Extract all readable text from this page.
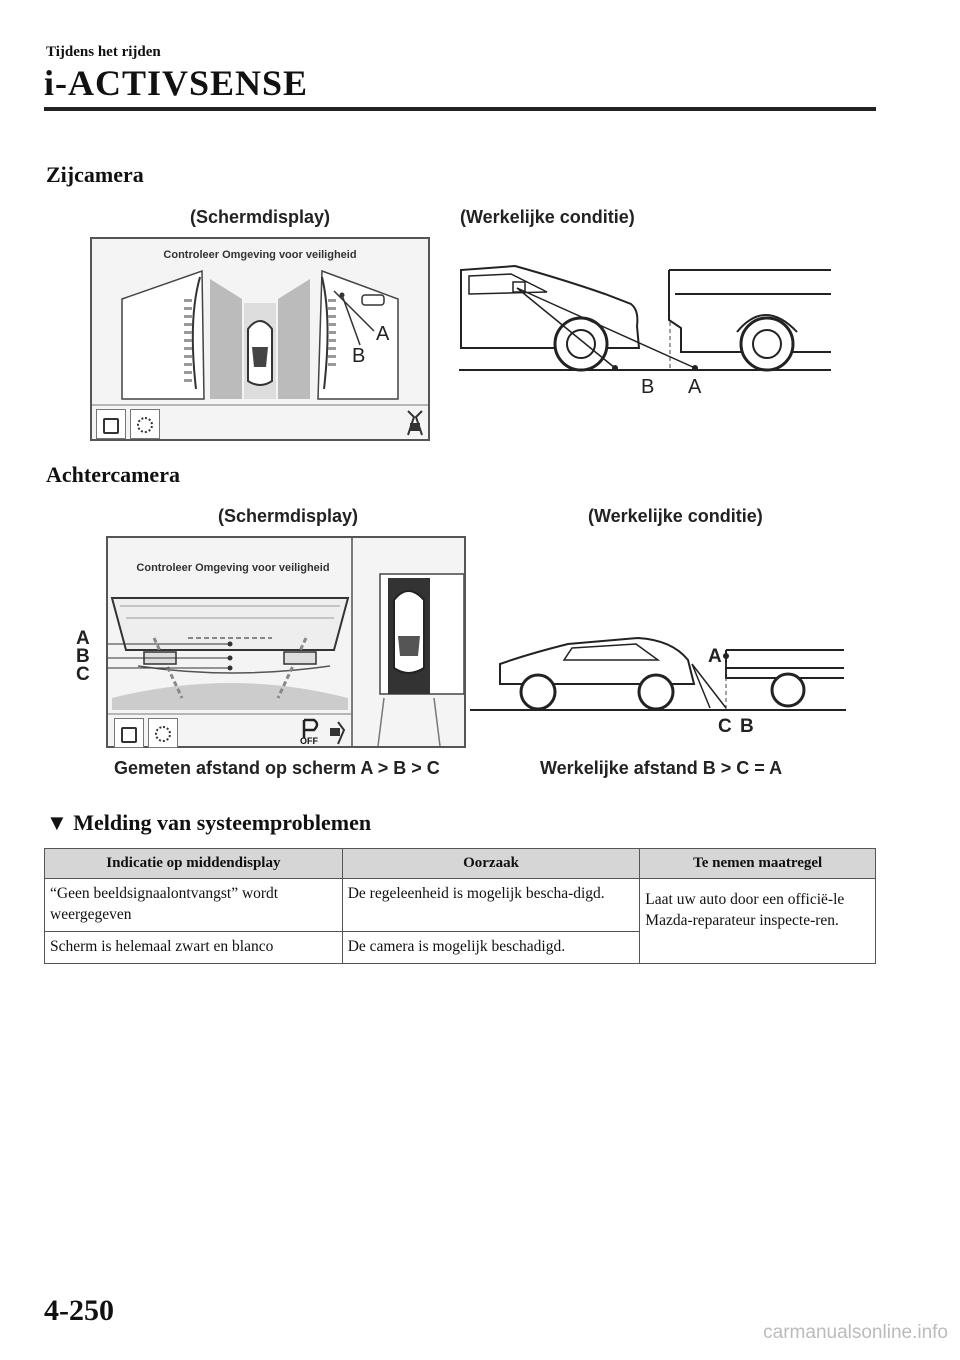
Tijdens het rijden
i-ACTIVSENSE
Zijcamera
(Schermdisplay)	(Werkelijke conditie)
Controleer Omgeving voor veiligheid
A
B
B A
Achtercamera
(Schermdisplay)	(Werkelijke conditie)
Controleer Omgeving voor veiligheid
OFF
A
B
C
A
C B
Gemeten afstand op scherm A > B > C	Werkelijke afstand B > C = A
▼ Melding van systeemproblemen
Indicatie op middendisplay	Oorzaak	Te nemen maatregel
“Geen beeldsignaalontvangst” wordt weergegeven	De regeleenheid is mogelijk bescha-digd.	Laat uw auto door een officië-le Mazda-reparateur inspecte-ren.
Scherm is helemaal zwart en blanco	De camera is mogelijk beschadigd.	
4-250
carmanualsonline.info
